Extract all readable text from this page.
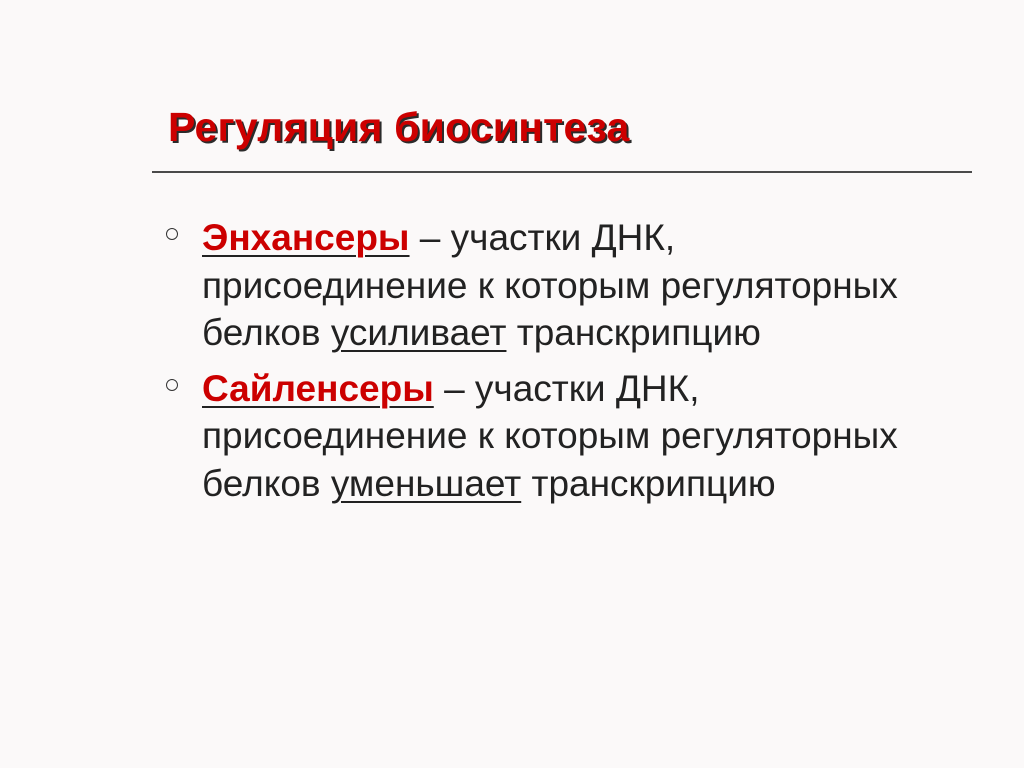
Регуляция биосинтеза
Энхансеры – участки ДНК, присоединение к которым регуляторных белков усиливает транскрипцию
Сайленсеры – участки ДНК, присоединение к которым регуляторных белков уменьшает транскрипцию
